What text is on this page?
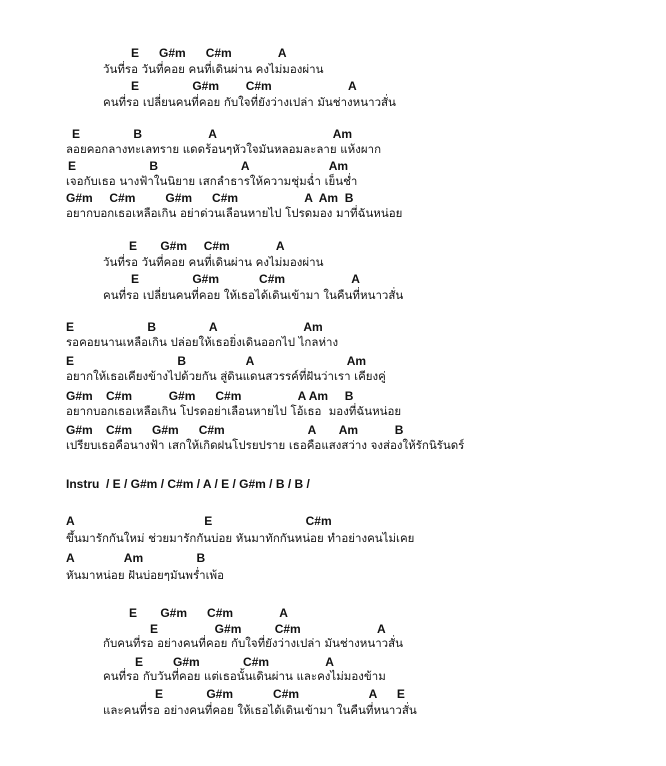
E      G#m      C#m              A
วันที่รอ วันที่คอย คนที่เดินผ่าน คงไม่มองผ่าน
E                G#m        C#m                       A
คนที่รอ เปลี่ยนคนที่คอย กับใจที่ยังว่างเปล่า มันช่างหนาวสั่น
E                B                    A                                   Am
ลอยคอกลางทะเลทราย แดดร้อนๆหัวใจมันหลอมละลาย แห้งผาก
E                      B                         A                        Am
เจอกับเธอ นางฟ้าในนิยาย เสกลำธารให้ความชุ่มฉ่ำ เย็นช่ำ
G#m     C#m         G#m      C#m                    A  Am  B
อยากบอกเธอเหลือเกิน อย่าด่วนเลือนหายไป โปรดมอง มาที่ฉันหน่อย
E       G#m     C#m              A
วันที่รอ วันที่คอย คนที่เดินผ่าน คงไม่มองผ่าน
E                G#m            C#m                    A
คนที่รอ เปลี่ยนคนที่คอย ให้เธอได้เดินเข้ามา ในคืนที่หนาวสั่น
E                      B                A                          Am
รอคอยนานเหลือเกิน ปล่อยให้เธอยิ่งเดินออกไป ไกลห่าง
E                               B                  A                            Am
อยากให้เธอเคียงข้างไปด้วยกัน สู่ดินแดนสวรรค์ที่ฝันว่าเรา เคียงคู่
G#m    C#m           G#m      C#m                 A Am     B
อยากบอกเธอเหลือเกิน โปรดอย่าเลือนหายไป โอ้เธอ  มองที่ฉันหน่อย
G#m    C#m      G#m      C#m                         A       Am           B
เปรียบเธอคือนางฟ้า เสกให้เกิดฝนโปรยปราย เธอคือแสงสว่าง จงส่องให้รักนิรันดร์
Instru  / E / G#m / C#m / A / E / G#m / B / B /
A                                       E                            C#m
ขึ้นมารักกันใหม่ ช่วยมารักกันบ่อย หันมาทักกันหน่อย ทำอย่างคนไม่เคย
A               Am                B
หันมาหน่อย ฝันบ่อยๆมันพร่ำเพ้อ
E       G#m      C#m              A
E                 G#m          C#m                       A
กับคนที่รอ อย่างคนที่คอย กับใจที่ยังว่างเปล่า มันช่างหนาวสั่น
E         G#m             C#m                 A
คนที่รอ กับวันที่คอย แต่เธอนั้นเดินผ่าน และคงไม่มองข้าม
E             G#m            C#m                     A      E
และคนที่รอ อย่างคนที่คอย ให้เธอได้เดินเข้ามา ในคืนที่หนาวสั่น
